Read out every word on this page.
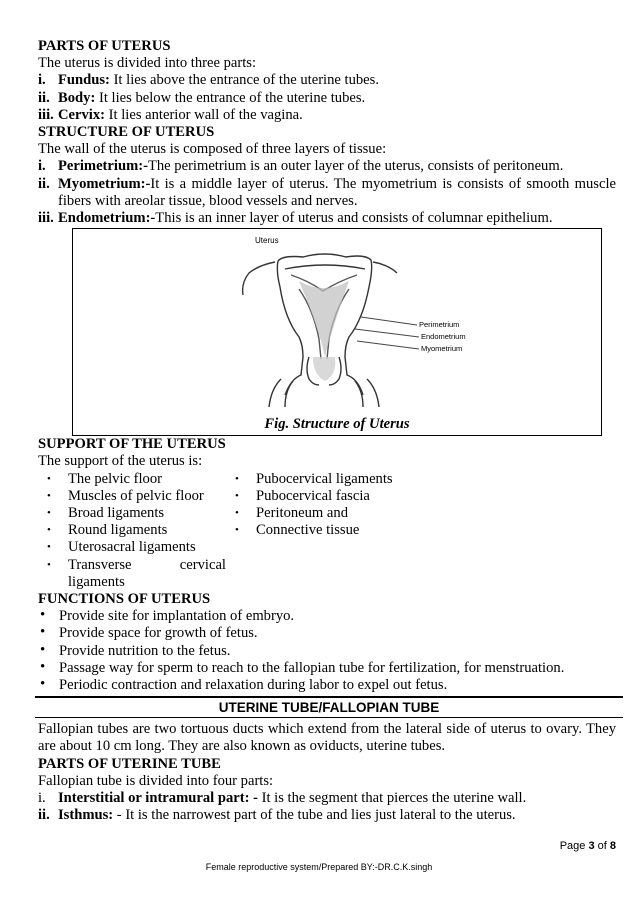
PARTS OF UTERUS
The uterus is divided into three parts:
i. Fundus: It lies above the entrance of the uterine tubes.
ii. Body: It lies below the entrance of the uterine tubes.
iii. Cervix: It lies anterior wall of the vagina.
STRUCTURE OF UTERUS
The wall of the uterus is composed of three layers of tissue:
i. Perimetrium:-The perimetrium is an outer layer of the uterus, consists of peritoneum.
ii. Myometrium:-It is a middle layer of uterus. The myometrium is consists of smooth muscle fibers with areolar tissue, blood vessels and nerves.
iii. Endometrium:-This is an inner layer of uterus and consists of columnar epithelium.
Uterus
Perimetrium
Endometrium
Myometrium
Fig. Structure of Uterus
SUPPORT OF THE UTERUS
The support of the uterus is:
• The pelvic floor
• Muscles of pelvic floor
• Broad ligaments
• Round ligaments
• Uterosacral ligaments
• Transverse cervical ligaments
• Pubocervical ligaments
• Pubocervical fascia
• Peritoneum and
• Connective tissue
FUNCTIONS OF UTERUS
• Provide site for implantation of embryo.
• Provide space for growth of fetus.
• Provide nutrition to the fetus.
• Passage way for sperm to reach to the fallopian tube for fertilization, for menstruation.
• Periodic contraction and relaxation during labor to expel out fetus.
UTERINE TUBE/FALLOPIAN TUBE
Fallopian tubes are two tortuous ducts which extend from the lateral side of uterus to ovary. They are about 10 cm long. They are also known as oviducts, uterine tubes.
PARTS OF UTERINE TUBE
Fallopian tube is divided into four parts:
i. Interstitial or intramural part: - It is the segment that pierces the uterine wall.
ii. Isthmus: - It is the narrowest part of the tube and lies just lateral to the uterus.
Page 3 of 8
Female reproductive system/Prepared BY:-DR.C.K.singh
